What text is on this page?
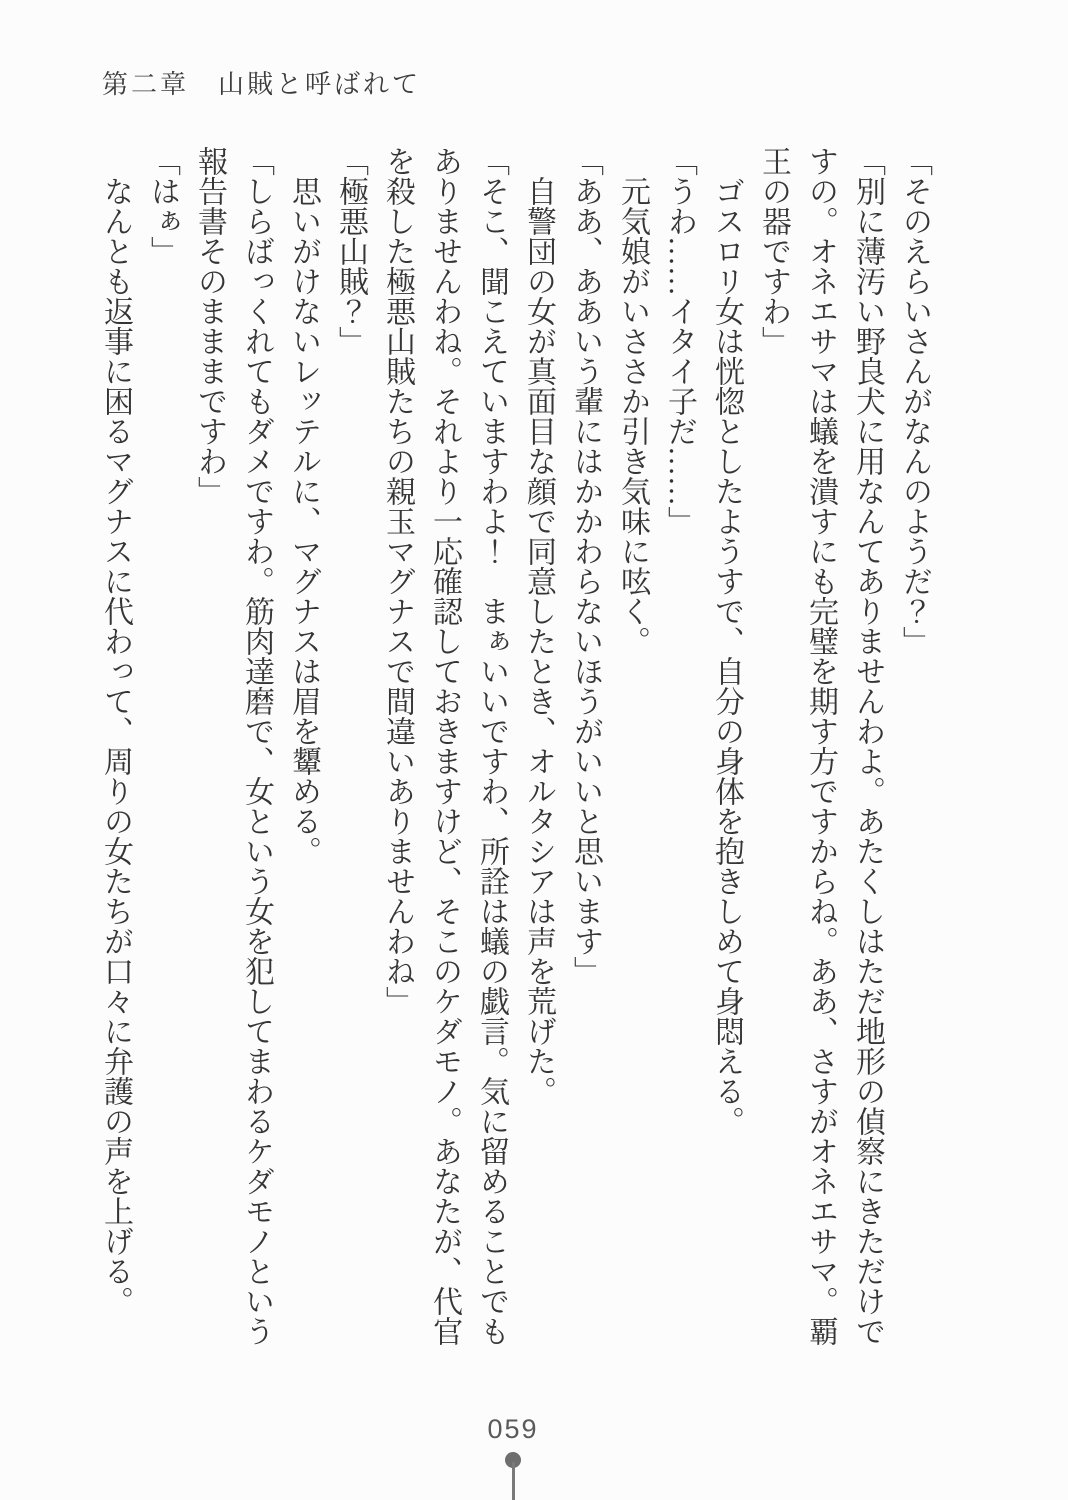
第二章　山賊と呼ばれて

「そのえらいさんがなんのようだ？」

「別に薄汚い野良犬に用なんてありませんわよ。あたくしはただ地形の偵察にきただけですの。オネエサマは蟻を潰すにも完璧を期す方ですからね。ああ、さすがオネエサマ。覇王の器ですわ」

ゴスロリ女は恍惚としたようすで、自分の身体を抱きしめて身悶える。

「うわ……イタイ子だ……」

元気娘がいささか引き気味に呟く。

「ああ、ああいう輩にはかかわらないほうがいいと思います」

自警団の女が真面目な顔で同意したとき、オルタシアは声を荒げた。

「そこ、聞こえていますわよ！　まぁいいですわ、所詮は蟻の戯言。気に留めることでもありませんわね。それより一応確認しておきますけど、そこのケダモノ。あなたが、代官を殺した極悪山賊たちの親玉マグナスで間違いありませんわね」

「極悪山賊？」

思いがけないレッテルに、マグナスは眉を顰める。

「しらばっくれてもダメですわ。筋肉達磨で、女という女を犯してまわるケダモノという報告書そのまままですわ」

「はぁ」

なんとも返事に困るマグナスに代わって、周りの女たちが口々に弁護の声を上げる。

059
